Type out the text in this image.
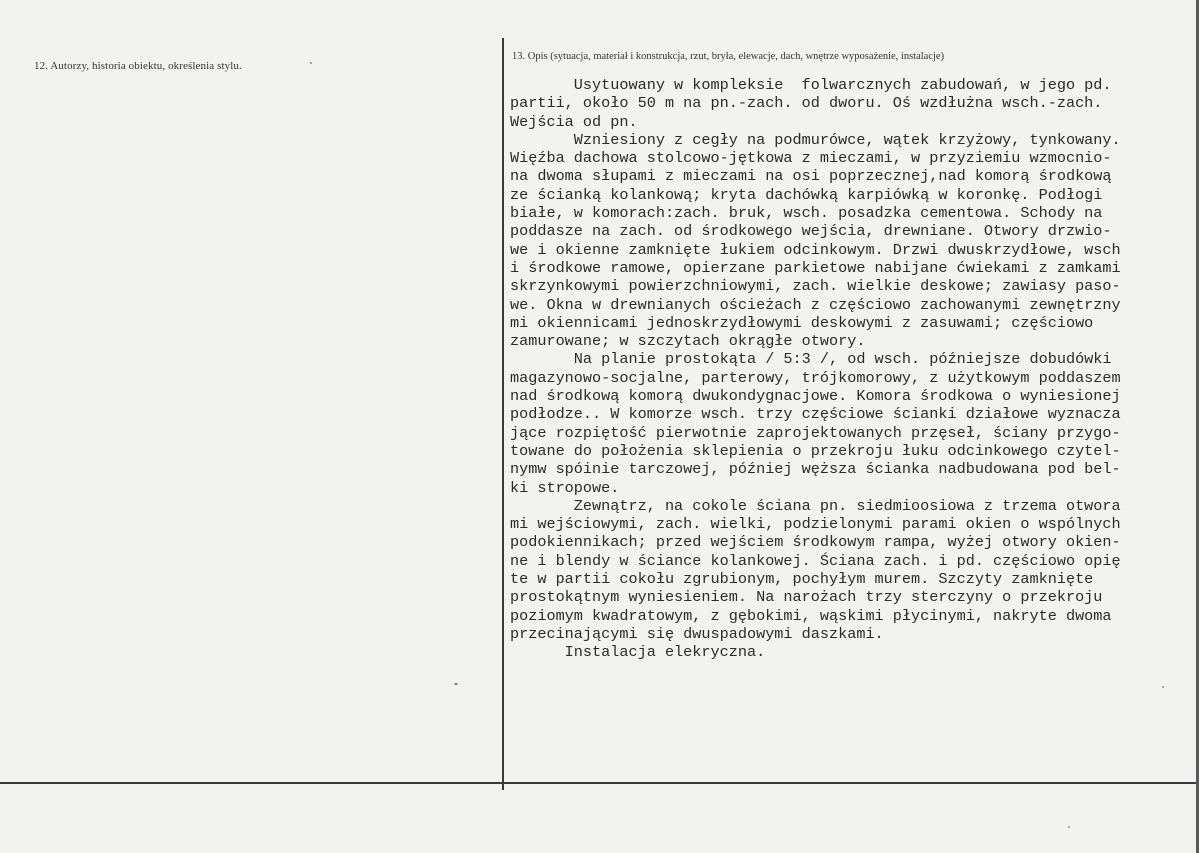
12. Autorzy, historia obiektu, określenia stylu.
13. Opis (sytuacja, materiał i konstrukcja, rzut, bryła, elewacje, dach, wnętrze wyposażenie, instalacje)
Usytuowany w kompleksie  folwarcznych zabudowań, w jego pd.
partii, około 50 m na pn.-zach. od dworu. Oś wzdłużna wsch.-zach.
Wejścia od pn.
Wzniesiony z cegły na podmurówce, wątek krzyżowy, tynkowany.
Więźba dachowa stolcowo-jętkowa z mieczami, w przyziemiu wzmocnio-
na dwoma słupami z mieczami na osi poprzecznej,nad komorą środkową
ze ścianką kolankową; kryta dachówką karpiówką w koronkę. Podłogi
białe, w komorach:zach. bruk, wsch. posadzka cementowa. Schody na
poddasze na zach. od środkowego wejścia, drewniane. Otwory drzwio-
we i okienne zamknięte łukiem odcinkowym. Drzwi dwuskrzydłowe, wsch
i środkowe ramowe, opierzane parkietowe nabijane ćwiekami z zamkami
skrzynkowymi powierzchniowymi, zach. wielkie deskowe; zawiasy paso-
we. Okna w drewnianych ościeżach z częściowo zachowanymi zewnętrzny
mi okiennicami jednoskrzydłowymi deskowymi z zasuwami; częściowo
zamurowane; w szczytach okrągłe otwory.
Na planie prostokąta / 5:3 /, od wsch. późniejsze dobudówki
magazynowo-socjalne, parterowy, trójkomorowy, z użytkowym poddaszem
nad środkową komorą dwukondygnacjowe. Komora środkowa o wyniesionej
podłodze.. W komorze wsch. trzy częściowe ścianki działowe wyznacza
jące rozpiętość pierwotnie zaprojektowanych przęseł, ściany przygo-
towane do położenia sklepienia o przekroju łuku odcinkowego czytel-
nymw spóinie tarczowej, później węższa ścianka nadbudowana pod bel-
ki stropowe.
Zewnątrz, na cokole ściana pn. siedmioosiowa z trzema otwora
mi wejściowymi, zach. wielki, podzielonymi parami okien o wspólnych
podokiennikach; przed wejściem środkowym rampa, wyżej otwory okien-
ne i blendy w ściance kolankowej. Ściana zach. i pd. częściowo opię
te w partii cokołu zgrubionym, pochyłym murem. Szczyty zamknięte
prostokątnym wyniesieniem. Na narożach trzy sterczyny o przekroju
poziomym kwadratowym, z gębokimi, wąskimi płycinymi, nakryte dwoma
przecinającymi się dwuspadowymi daszkami.
Instalacja elekryczna.
